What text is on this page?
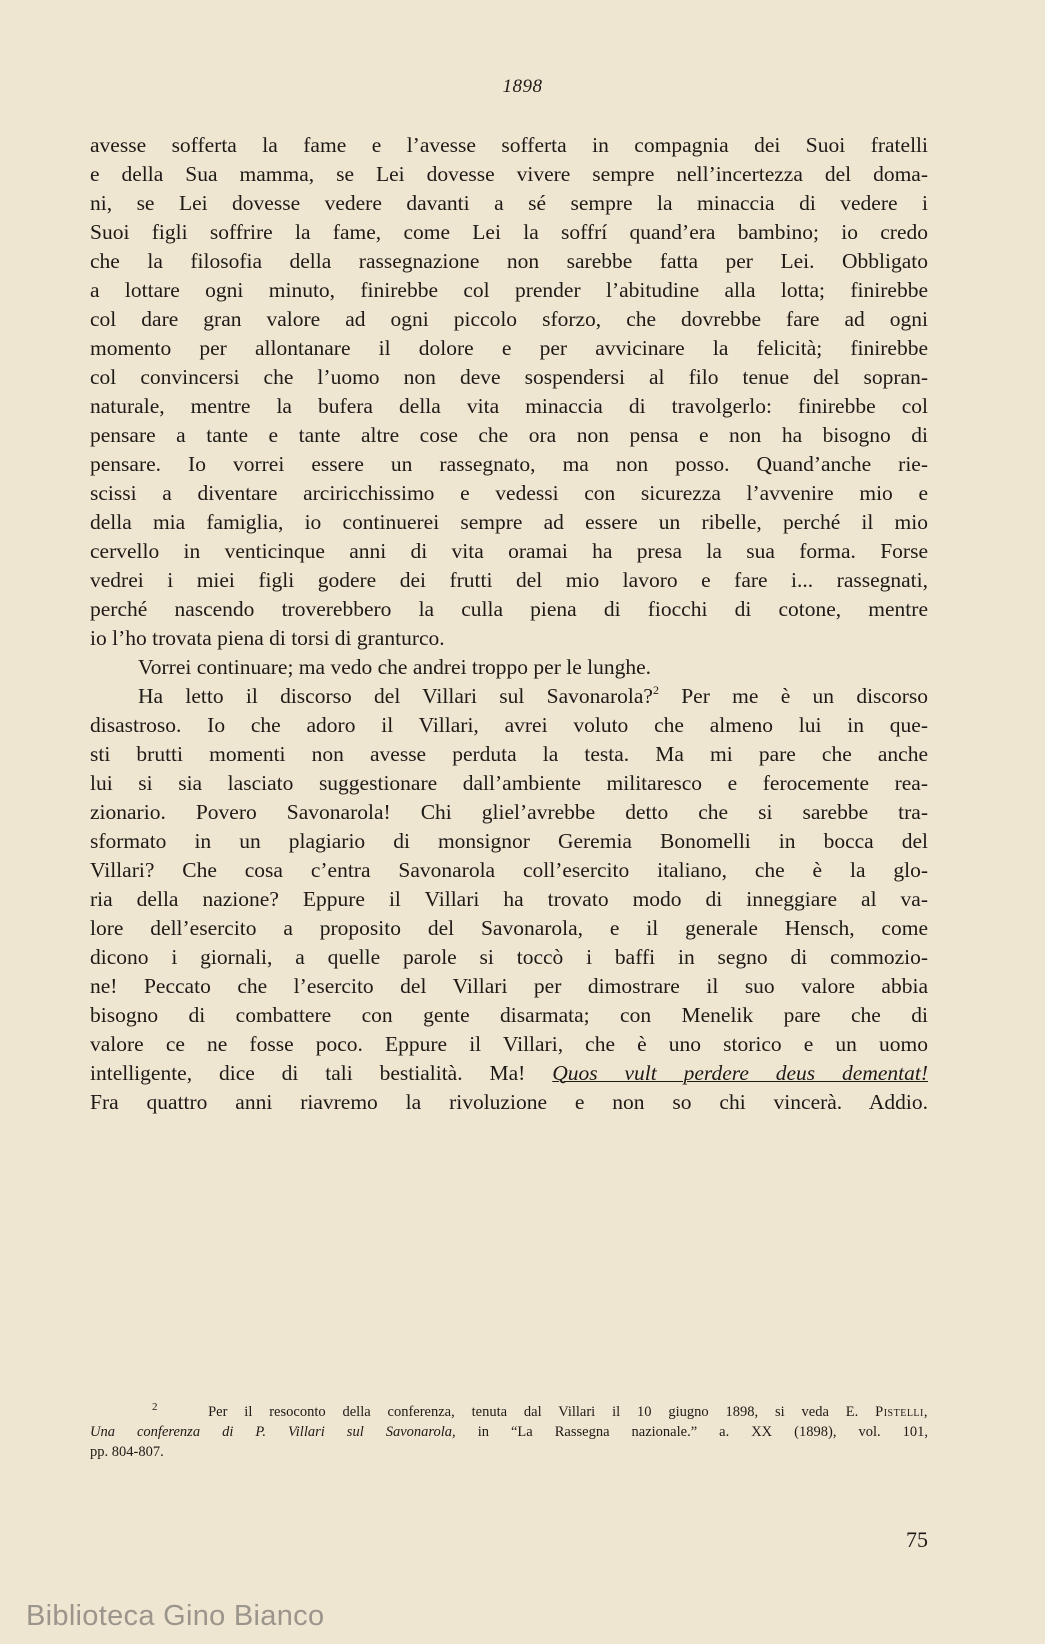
1898
avesse sofferta la fame e l’avesse sofferta in compagnia dei Suoi fratelli
e della Sua mamma, se Lei dovesse vivere sempre nell’incertezza del doma-
ni, se Lei dovesse vedere davanti a sé sempre la minaccia di vedere i
Suoi figli soffrire la fame, come Lei la soffrí quand’era bambino; io credo
che la filosofia della rassegnazione non sarebbe fatta per Lei. Obbligato
a lottare ogni minuto, finirebbe col prender l’abitudine alla lotta; finirebbe
col dare gran valore ad ogni piccolo sforzo, che dovrebbe fare ad ogni
momento per allontanare il dolore e per avvicinare la felicità; finirebbe
col convincersi che l’uomo non deve sospendersi al filo tenue del sopran-
naturale, mentre la bufera della vita minaccia di travolgerlo: finirebbe col
pensare a tante e tante altre cose che ora non pensa e non ha bisogno di
pensare. Io vorrei essere un rassegnato, ma non posso. Quand’anche rie-
scissi a diventare arciricchissimo e vedessi con sicurezza l’avvenire mio e
della mia famiglia, io continuerei sempre ad essere un ribelle, perché il mio
cervello in venticinque anni di vita oramai ha presa la sua forma. Forse
vedrei i miei figli godere dei frutti del mio lavoro e fare i... rassegnati,
perché nascendo troverebbero la culla piena di fiocchi di cotone, mentre
io l’ho trovata piena di torsi di granturco.
Vorrei continuare; ma vedo che andrei troppo per le lunghe.
Ha letto il discorso del Villari sul Savonarola?$^2$ Per me è un discorso
disastroso. Io che adoro il Villari, avrei voluto che almeno lui in que-
sti brutti momenti non avesse perduta la testa. Ma mi pare che anche
lui si sia lasciato suggestionare dall’ambiente militaresco e ferocemente rea-
zionario. Povero Savonarola! Chi gliel’avrebbe detto che si sarebbe tra-
sformato in un plagiario di monsignor Geremia Bonomelli in bocca del
Villari? Che cosa c’entra Savonarola coll’esercito italiano, che è la glo-
ria della nazione? Eppure il Villari ha trovato modo di inneggiare al va-
lore dell’esercito a proposito del Savonarola, e il generale Hensch, come
dicono i giornali, a quelle parole si toccò i baffi in segno di commozio-
ne! Peccato che l’esercito del Villari per dimostrare il suo valore abbia
bisogno di combattere con gente disarmata; con Menelik pare che di
valore ce ne fosse poco. Eppure il Villari, che è uno storico e un uomo
intelligente, dice di tali bestialità. Ma! Quos vult perdere deus dementat!
Fra quattro anni riavremo la rivoluzione e non so chi vincerà. Addio.
$^2$	Per il resoconto della conferenza, tenuta dal Villari il 10 giugno 1898, si veda E. Pistelli,
Una conferenza di P. Villari sul Savonarola, in “La Rassegna nazionale.” a. XX (1898), vol. 101,
pp. 804-807.
75
Biblioteca Gino Bianco
